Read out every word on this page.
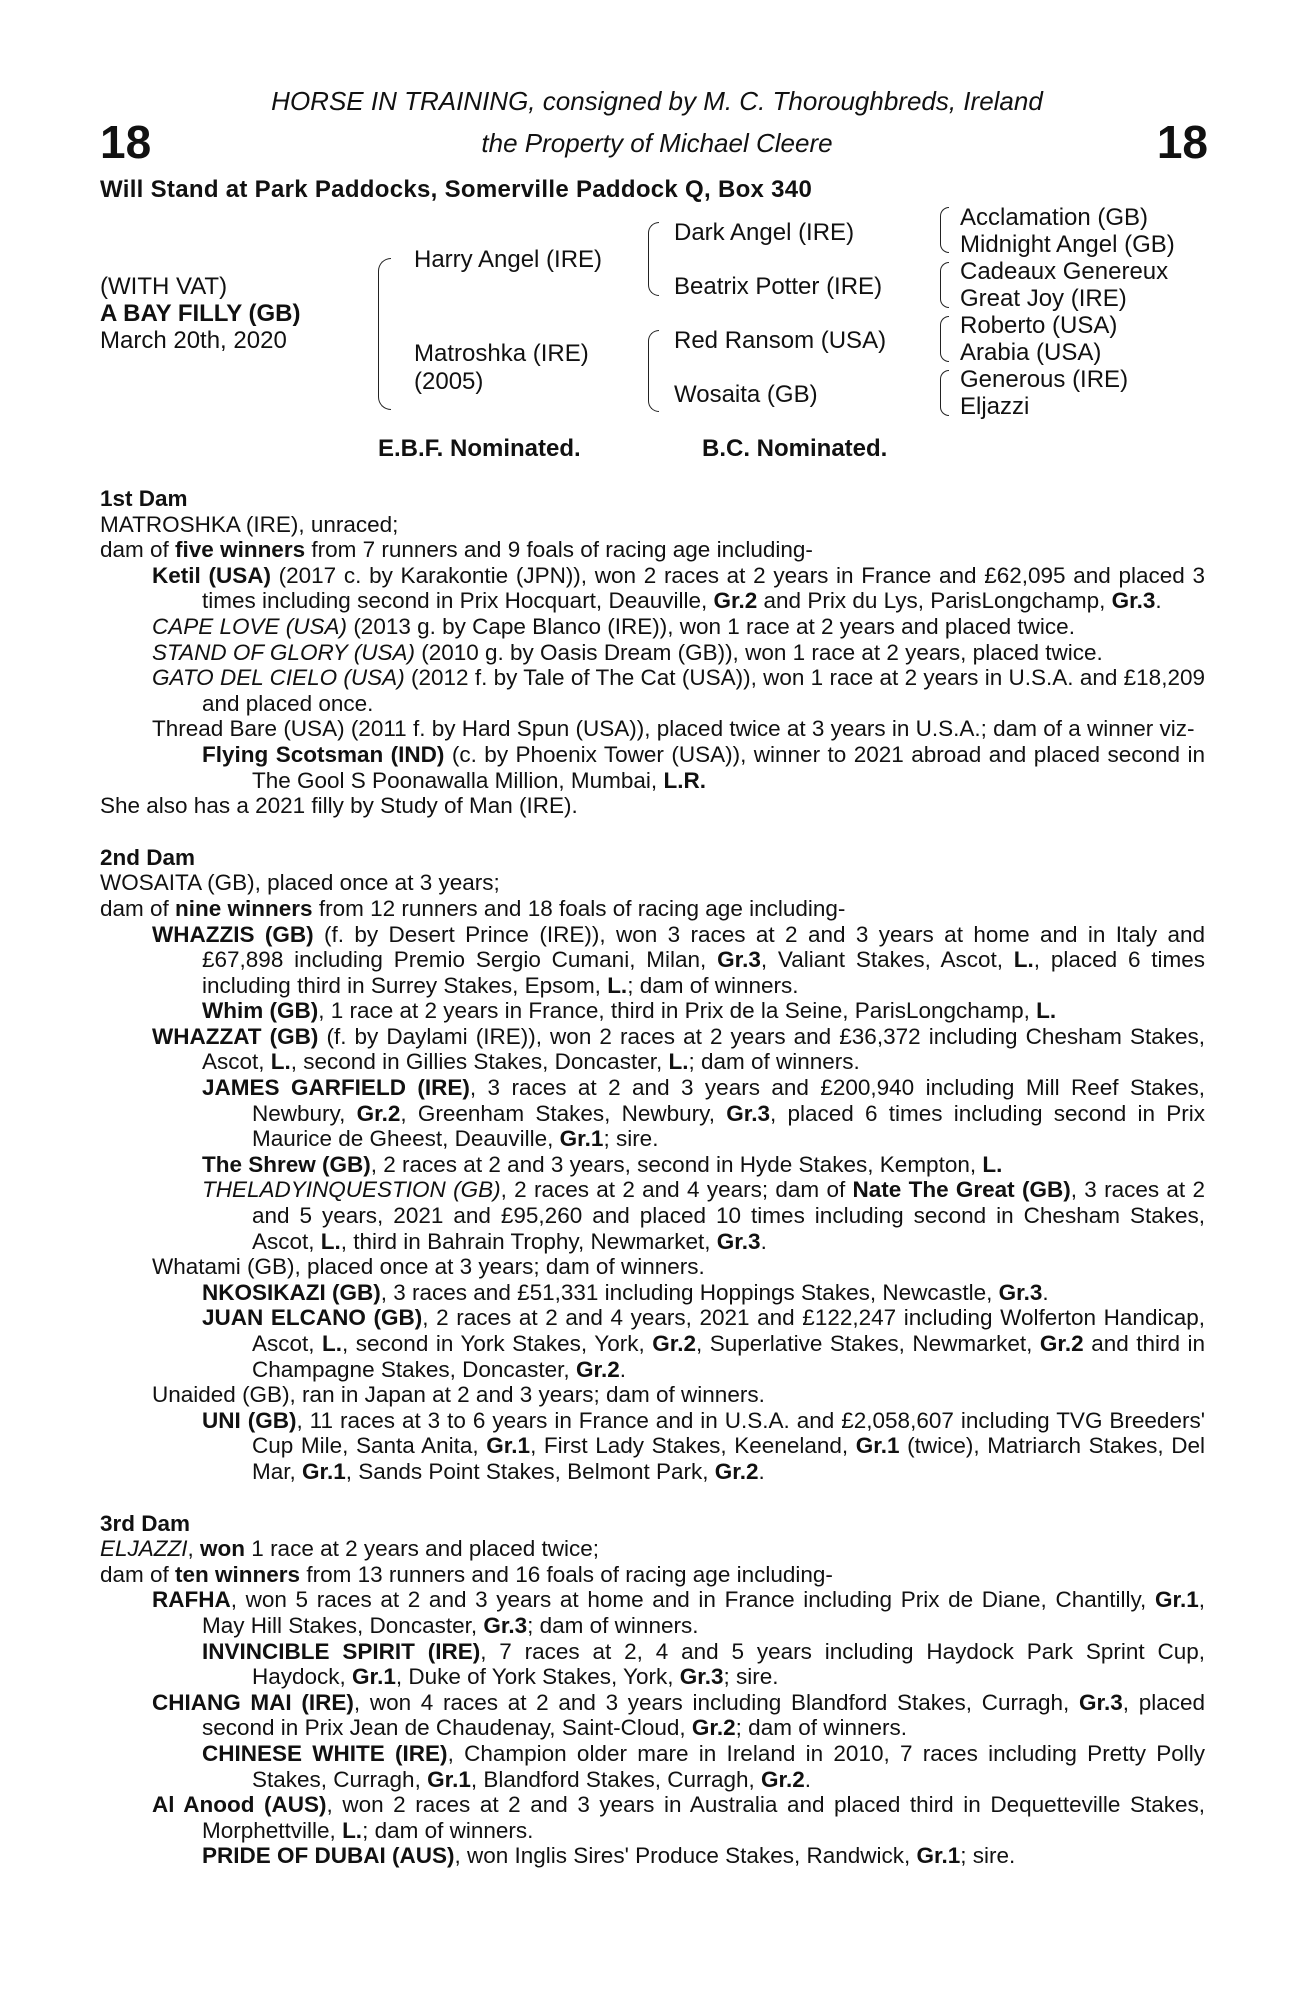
18	18
HORSE IN TRAINING, consigned by M. C. Thoroughbreds, Ireland
the Property of Michael Cleere
Will Stand at Park Paddocks, Somerville Paddock Q, Box 340
(WITH VAT)
A BAY FILLY (GB)
March 20th, 2020
Harry Angel (IRE)
Matroshka (IRE)
(2005)
Dark Angel (IRE)
Beatrix Potter (IRE)
Red Ransom (USA)
Wosaita (GB)
Acclamation (GB)
Midnight Angel (GB)
Cadeaux Genereux
Great Joy (IRE)
Roberto (USA)
Arabia (USA)
Generous (IRE)
Eljazzi
E.B.F. Nominated.	B.C. Nominated.

1st Dam

MATROSHKA (IRE), unraced;

dam of five winners from 7 runners and 9 foals of racing age including-

Ketil (USA) (2017 c. by Karakontie (JPN)), won 2 races at 2 years in France and £62,095 and placed 3 times including second in Prix Hocquart, Deauville, Gr.2 and Prix du Lys, ParisLongchamp, Gr.3.

CAPE LOVE (USA) (2013 g. by Cape Blanco (IRE)), won 1 race at 2 years and placed twice.

STAND OF GLORY (USA) (2010 g. by Oasis Dream (GB)), won 1 race at 2 years, placed twice.

GATO DEL CIELO (USA) (2012 f. by Tale of The Cat (USA)), won 1 race at 2 years in U.S.A. and £18,209 and placed once.

Thread Bare (USA) (2011 f. by Hard Spun (USA)), placed twice at 3 years in U.S.A.; dam of a winner viz-

Flying Scotsman (IND) (c. by Phoenix Tower (USA)), winner to 2021 abroad and placed second in The Gool S Poonawalla Million, Mumbai, L.R.

She also has a 2021 filly by Study of Man (IRE).

2nd Dam

WOSAITA (GB), placed once at 3 years;

dam of nine winners from 12 runners and 18 foals of racing age including-

WHAZZIS (GB) (f. by Desert Prince (IRE)), won 3 races at 2 and 3 years at home and in Italy and £67,898 including Premio Sergio Cumani, Milan, Gr.3, Valiant Stakes, Ascot, L., placed 6 times including third in Surrey Stakes, Epsom, L.; dam of winners.

Whim (GB), 1 race at 2 years in France, third in Prix de la Seine, ParisLongchamp, L.

WHAZZAT (GB) (f. by Daylami (IRE)), won 2 races at 2 years and £36,372 including Chesham Stakes, Ascot, L., second in Gillies Stakes, Doncaster, L.; dam of winners.

JAMES GARFIELD (IRE), 3 races at 2 and 3 years and £200,940 including Mill Reef Stakes, Newbury, Gr.2, Greenham Stakes, Newbury, Gr.3, placed 6 times including second in Prix Maurice de Gheest, Deauville, Gr.1; sire.

The Shrew (GB), 2 races at 2 and 3 years, second in Hyde Stakes, Kempton, L.

THELADYINQUESTION (GB), 2 races at 2 and 4 years; dam of Nate The Great (GB), 3 races at 2 and 5 years, 2021 and £95,260 and placed 10 times including second in Chesham Stakes, Ascot, L., third in Bahrain Trophy, Newmarket, Gr.3.

Whatami (GB), placed once at 3 years; dam of winners.

NKOSIKAZI (GB), 3 races and £51,331 including Hoppings Stakes, Newcastle, Gr.3.

JUAN ELCANO (GB), 2 races at 2 and 4 years, 2021 and £122,247 including Wolferton Handicap, Ascot, L., second in York Stakes, York, Gr.2, Superlative Stakes, Newmarket, Gr.2 and third in Champagne Stakes, Doncaster, Gr.2.

Unaided (GB), ran in Japan at 2 and 3 years; dam of winners.

UNI (GB), 11 races at 3 to 6 years in France and in U.S.A. and £2,058,607 including TVG Breeders' Cup Mile, Santa Anita, Gr.1, First Lady Stakes, Keeneland, Gr.1 (twice), Matriarch Stakes, Del Mar, Gr.1, Sands Point Stakes, Belmont Park, Gr.2.

3rd Dam

ELJAZZI, won 1 race at 2 years and placed twice;

dam of ten winners from 13 runners and 16 foals of racing age including-

RAFHA, won 5 races at 2 and 3 years at home and in France including Prix de Diane, Chantilly, Gr.1, May Hill Stakes, Doncaster, Gr.3; dam of winners.

INVINCIBLE SPIRIT (IRE), 7 races at 2, 4 and 5 years including Haydock Park Sprint Cup, Haydock, Gr.1, Duke of York Stakes, York, Gr.3; sire.

CHIANG MAI (IRE), won 4 races at 2 and 3 years including Blandford Stakes, Curragh, Gr.3, placed second in Prix Jean de Chaudenay, Saint-Cloud, Gr.2; dam of winners.

CHINESE WHITE (IRE), Champion older mare in Ireland in 2010, 7 races including Pretty Polly Stakes, Curragh, Gr.1, Blandford Stakes, Curragh, Gr.2.

Al Anood (AUS), won 2 races at 2 and 3 years in Australia and placed third in Dequetteville Stakes, Morphettville, L.; dam of winners.

PRIDE OF DUBAI (AUS), won Inglis Sires' Produce Stakes, Randwick, Gr.1; sire.
